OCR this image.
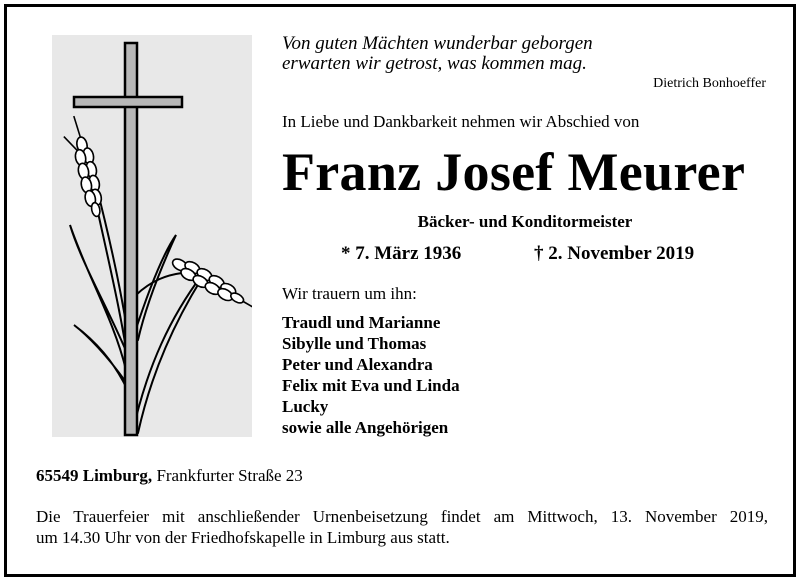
Von guten Mächten wunderbar geborgen
erwarten wir getrost, was kommen mag.
Dietrich Bonhoeffer
In Liebe und Dankbarkeit nehmen wir Abschied von
Franz Josef Meurer
Bäcker- und Konditormeister
* 7. März 1936	† 2. November 2019
Wir trauern um ihn:
Traudl und Marianne
Sibylle und Thomas
Peter und Alexandra
Felix mit Eva und Linda
Lucky
sowie alle Angehörigen
65549 Limburg, Frankfurter Straße 23
Die Trauerfeier mit anschließender Urnenbeisetzung findet am Mittwoch, 13. November 2019,
um 14.30 Uhr von der Friedhofskapelle in Limburg aus statt.
